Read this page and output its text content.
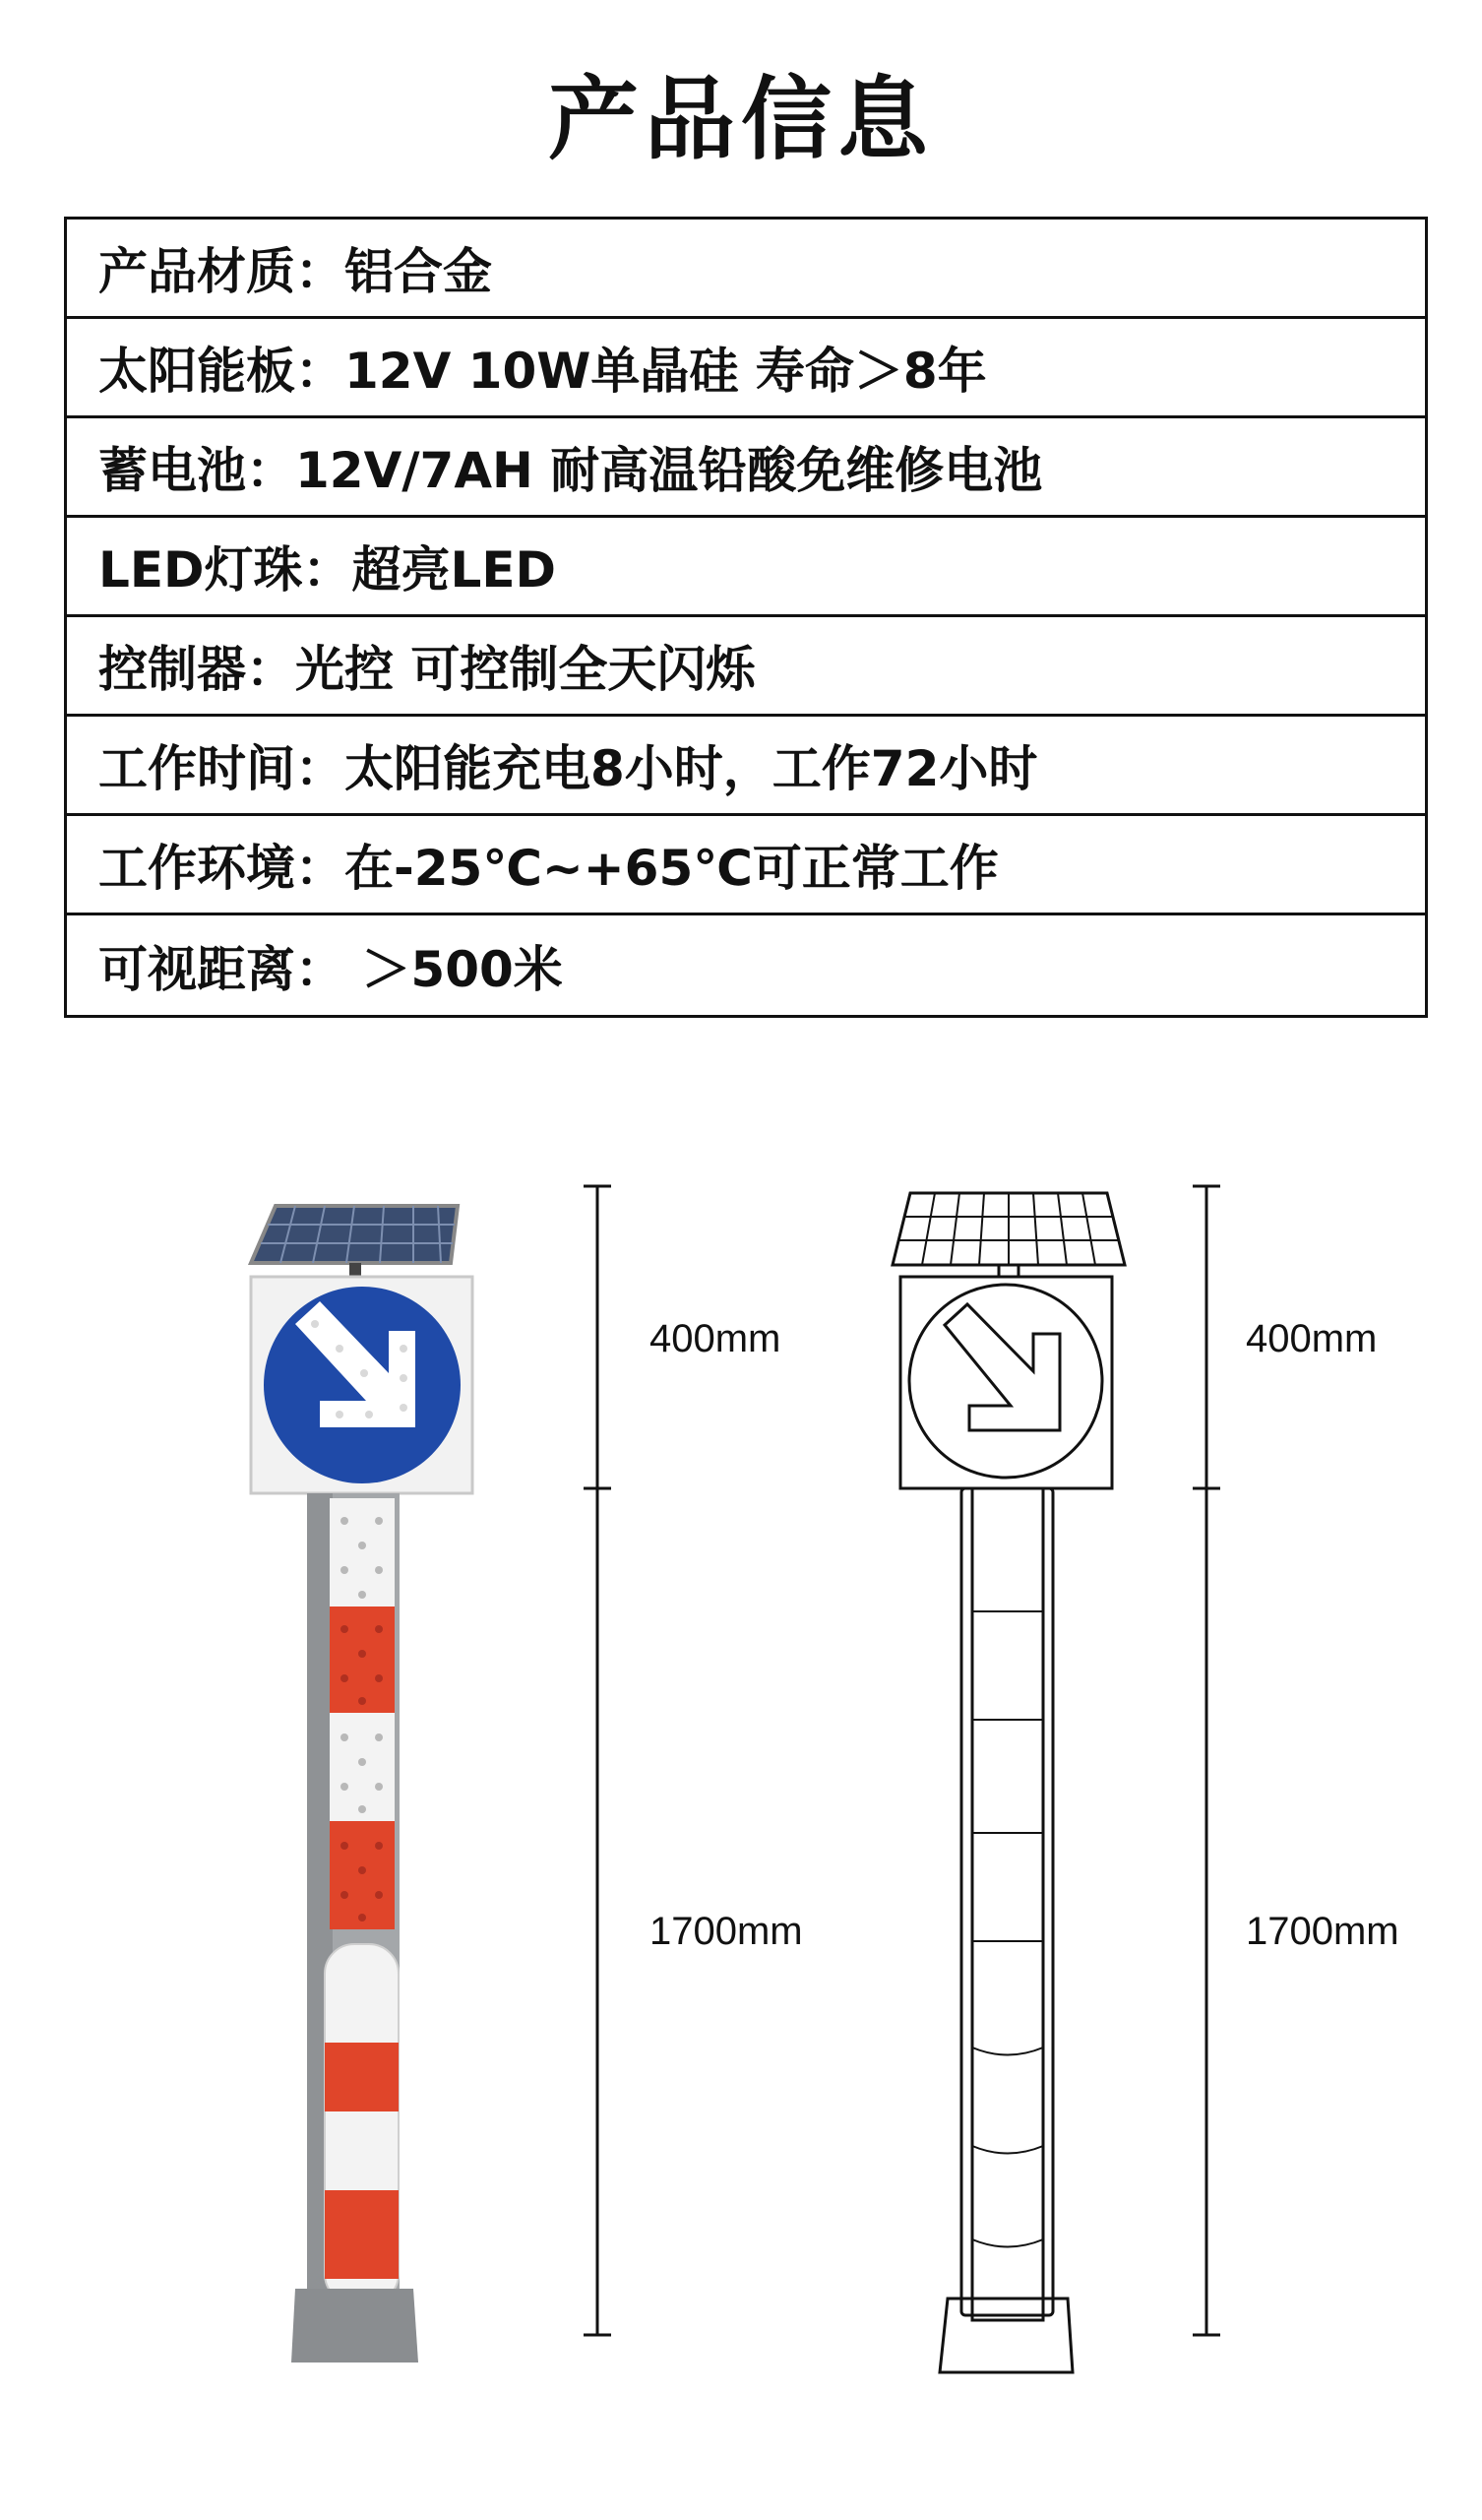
产品信息
产品材质：铝合金
太阳能板：12V 10W单晶硅 寿命＞8年
蓄电池：12V/7AH 耐高温铅酸免维修电池
LED灯珠：超亮LED
控制器：光控 可控制全天闪烁
工作时间：太阳能充电8小时，工作72小时
工作环境：在-25℃~+65℃可正常工作
可视距离： ＞500米
400mm
1700mm
400mm
1700mm
